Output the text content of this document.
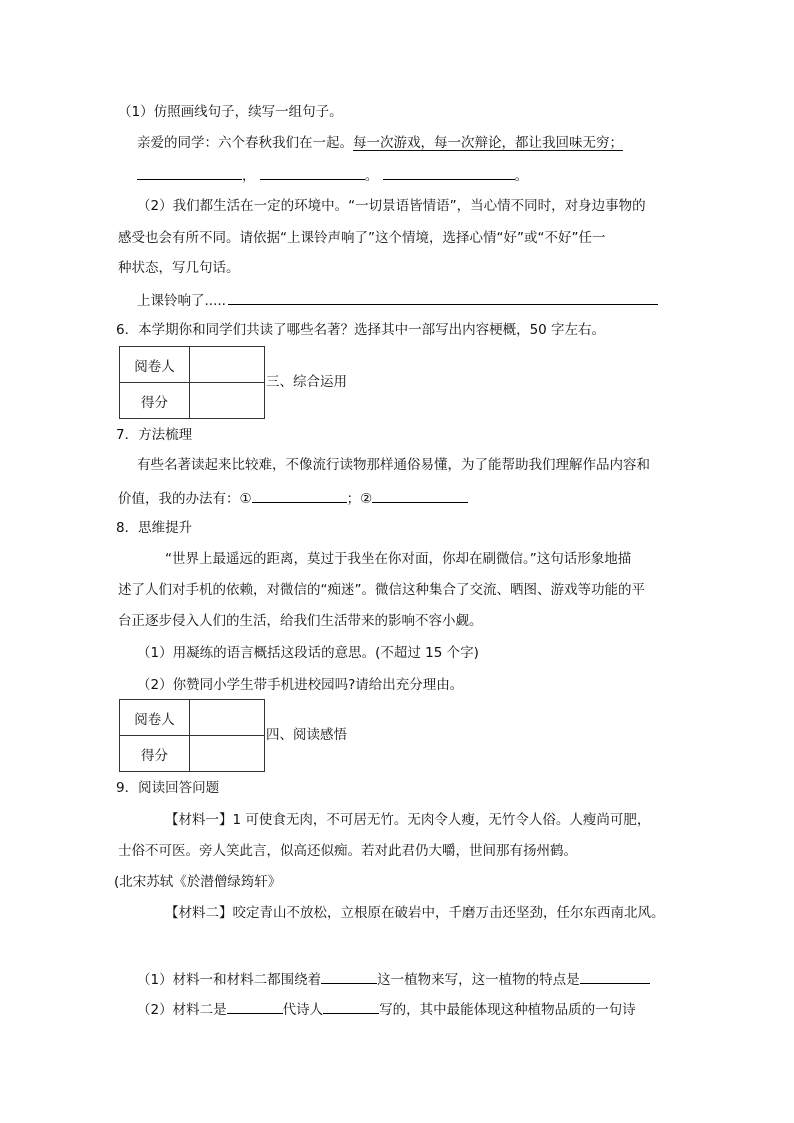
（1）仿照画线句子，续写一组句子。
亲爱的同学：六个春秋我们在一起。每一次游戏，每一次辩论，都让我回味无穷；
，	。	。
（2）我们都生活在一定的环境中。“一切景语皆情语”，当心情不同时，对身边事物的
感受也会有所不同。请依据“上课铃声响了”这个情境，选择心情“好”或“不好”任一
种状态，写几句话。
上课铃响了.....
6．本学期你和同学们共读了哪些名著？选择其中一部写出内容梗概，50 字左右。
阅卷人	
得分	
三、综合运用
7．方法梳理
有些名著读起来比较难，不像流行读物那样通俗易懂，为了能帮助我们理解作品内容和
价值，我的办法有：①	；②
8．思维提升
“世界上最遥远的距离，莫过于我坐在你对面，你却在刷微信。”这句话形象地描
述了人们对手机的依赖，对微信的“痴迷”。微信这种集合了交流、晒图、游戏等功能的平
台正逐步侵入人们的生活，给我们生活带来的影响不容小觑。
（1）用凝练的语言概括这段话的意思。(不超过 15 个字)
（2）你赞同小学生带手机进校园吗?请给出充分理由。
阅卷人	
得分	
四、阅读感悟
9．阅读回答问题
【材料一】1 可使食无肉，不可居无竹。无肉令人瘦，无竹令人俗。人瘦尚可肥，
士俗不可医。旁人笑此言，似高还似痴。若对此君仍大嚼，世间那有扬州鹤。
(北宋苏轼《於潜僧绿筠轩》
【材料二】咬定青山不放松，立根原在破岩中，千磨万击还坚劲，任尔东西南北风。
（1）材料一和材料二都围绕着	这一植物来写，这一植物的特点是
（2）材料二是	代诗人	写的，其中最能体现这种植物品质的一句诗
